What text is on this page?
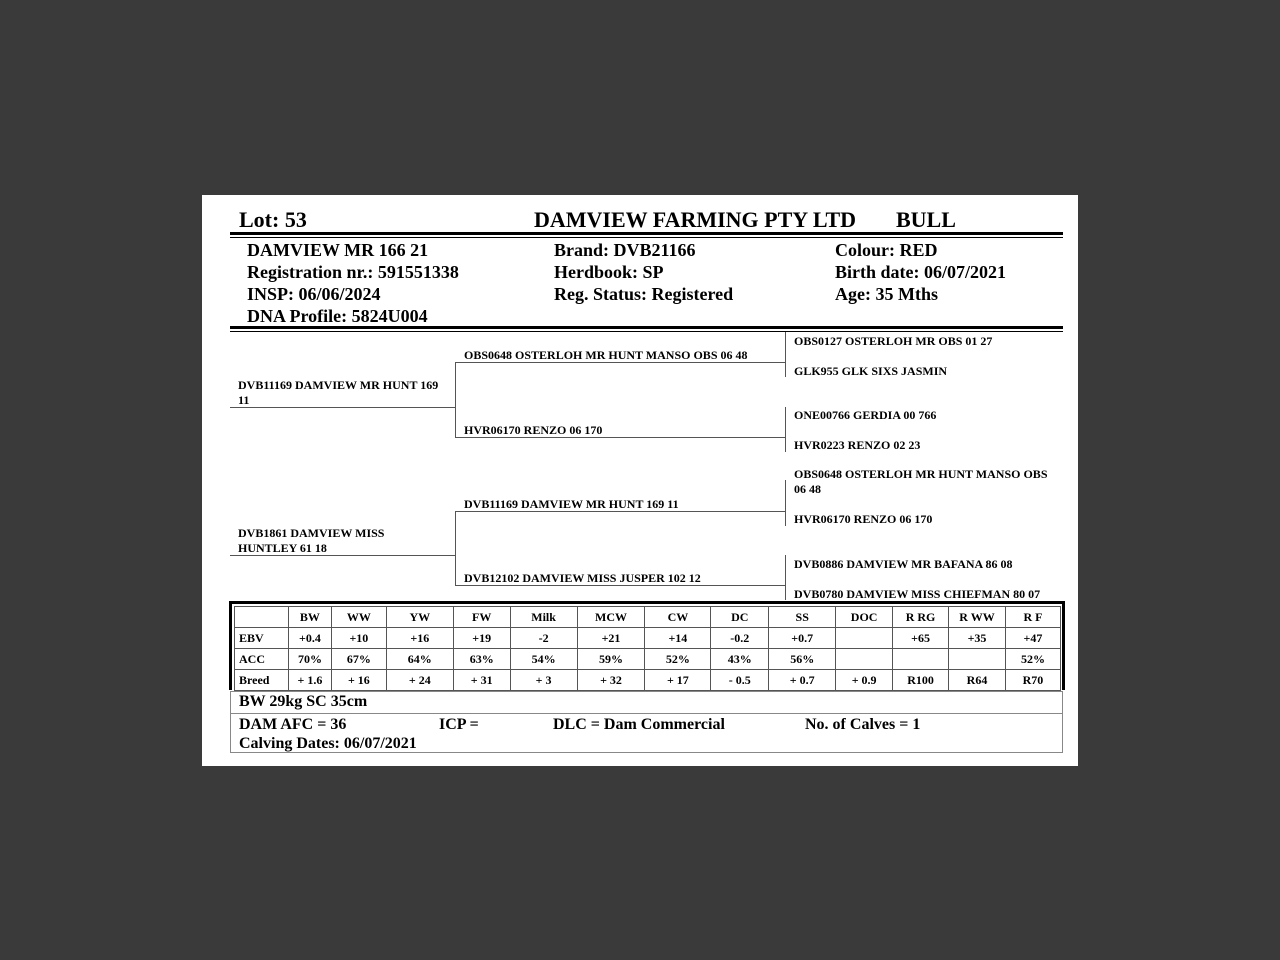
Lot: 53	DAMVIEW FARMING PTY LTD BULL
DAMVIEW MR 166 21
Registration nr.: 591551338
INSP: 06/06/2024
DNA Profile: 5824U004
Brand: DVB21166
Herdbook: SP
Reg. Status: Registered
Colour: RED
Birth date: 06/07/2021
Age: 35 Mths
DVB11169 DAMVIEW MR HUNT 169 11
DVB1861 DAMVIEW MISS HUNTLEY 61 18
OBS0648 OSTERLOH MR HUNT MANSO OBS 06 48
HVR06170 RENZO 06 170
DVB11169 DAMVIEW MR HUNT 169 11
DVB12102 DAMVIEW MISS JUSPER 102 12
OBS0127 OSTERLOH MR OBS 01 27
GLK955 GLK SIXS JASMIN
ONE00766 GERDIA 00 766
HVR0223 RENZO 02 23
OBS0648 OSTERLOH MR HUNT MANSO OBS 06 48
HVR06170 RENZO 06 170
DVB0886 DAMVIEW MR BAFANA 86 08
DVB0780 DAMVIEW MISS CHIEFMAN 80 07
	BW	WW	YW	FW	Milk	MCW	CW	DC	SS	DOC	R RG	R WW	R F
EBV	+0.4	+10	+16	+19	-2	+21	+14	-0.2	+0.7		+65	+35	+47
ACC	70%	67%	64%	63%	54%	59%	52%	43%	56%				52%
Breed	+ 1.6	+ 16	+ 24	+ 31	+ 3	+ 32	+ 17	- 0.5	+ 0.7	+ 0.9	R100	R64	R70
BW 29kg SC 35cm
DAM AFC = 36	ICP =	DLC = Dam Commercial	No. of Calves = 1
Calving Dates: 06/07/2021
